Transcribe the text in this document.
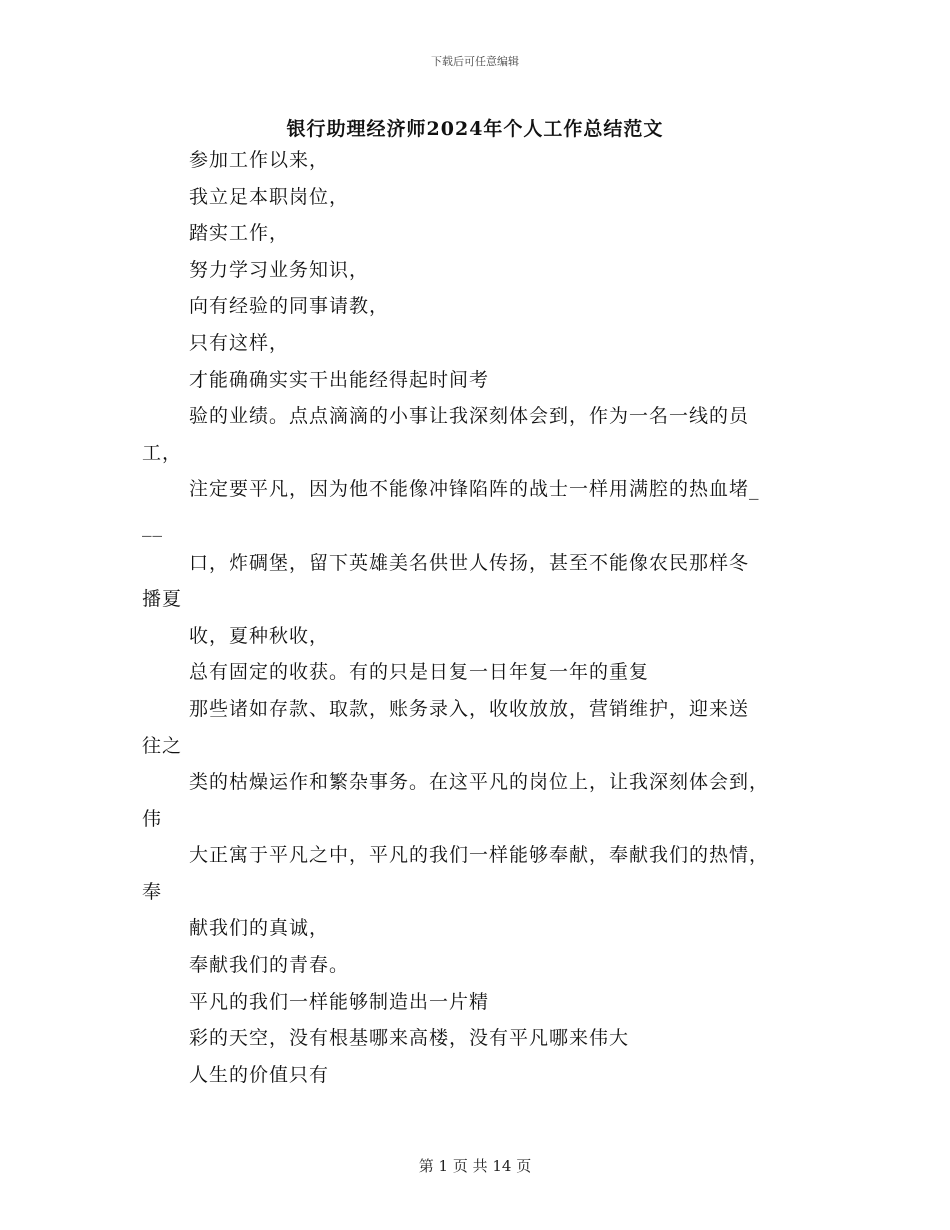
下载后可任意编辑
银行助理经济师2024年个人工作总结范文
参加工作以来，
我立足本职岗位，
踏实工作，
努力学习业务知识，
向有经验的同事请教，
只有这样，
才能确确实实干出能经得起时间考
验的业绩。点点滴滴的小事让我深刻体会到，作为一名一线的员
工，
注定要平凡，因为他不能像冲锋陷阵的战士一样用满腔的热血堵_
__
口，炸碉堡，留下英雄美名供世人传扬，甚至不能像农民那样冬
播夏
收，夏种秋收，
总有固定的收获。有的只是日复一日年复一年的重复
那些诸如存款、取款，账务录入，收收放放，营销维护，迎来送
往之
类的枯燥运作和繁杂事务。在这平凡的岗位上，让我深刻体会到，
伟
大正寓于平凡之中，平凡的我们一样能够奉献，奉献我们的热情，
奉
献我们的真诚，
奉献我们的青春。
平凡的我们一样能够制造出一片精
彩的天空，没有根基哪来高楼，没有平凡哪来伟大
人生的价值只有
第 1 页 共 14 页
